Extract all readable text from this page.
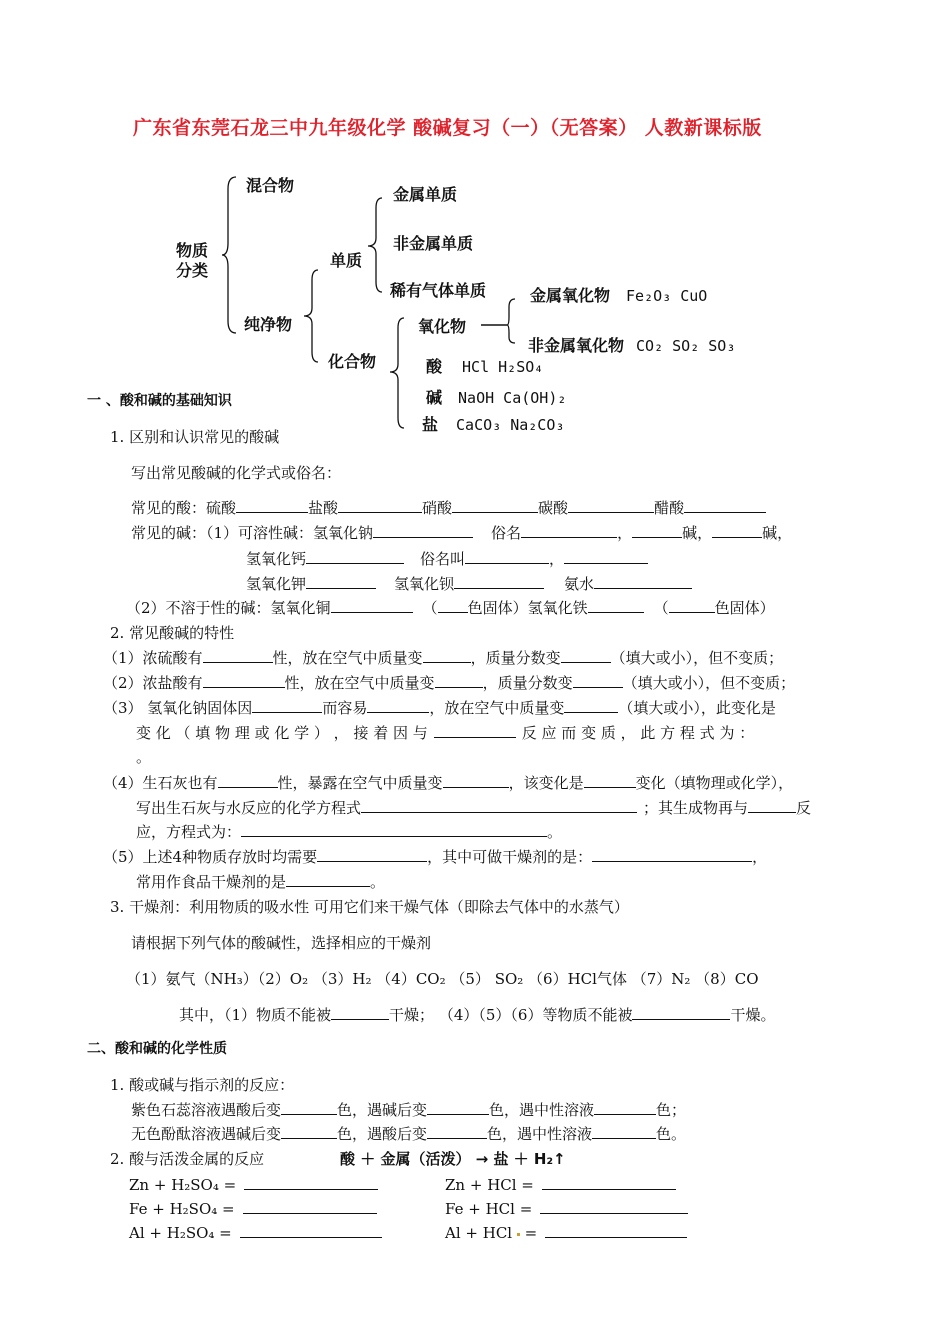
广东省东莞石龙三中九年级化学 酸碱复习（一）（无答案） 人教新课标版
物质
分类
混合物
纯净物
单质
化合物
金属单质
非金属单质
稀有气体单质
氧化物
金属氧化物 Fe₂O₃ CuO
非金属氧化物 CO₂ SO₂ SO₃
酸 HCl H₂SO₄
碱 NaOH Ca(OH)₂
盐 CaCO₃ Na₂CO₃
一 、酸和碱的基础知识
1. 区别和认识常见的酸碱
写出常见酸碱的化学式或俗名：
常见的酸：硫酸	盐酸	硝酸	碳酸	醋酸
常见的碱：（1）可溶性碱：氢氧化钠	俗名	，	碱，	碱，
氢氧化钙	俗名叫	，
氢氧化钾	氢氧化钡	氨水
（2）不溶于性的碱：氢氧化铜	（ 色固体）氢氧化铁	（	色固体）
2. 常见酸碱的特性
（1）浓硫酸有	性，放在空气中质量变	，质量分数变	（填大或小），但不变质；
（2）浓盐酸有	性，放在空气中质量变	，质量分数变	（填大或小），但不变质；
（3） 氢氧化钠固体因	而容易	，放在空气中质量变	（填大或小），此变化是
变 化 （ 填 物 理 或 化 学 ） ， 接 着 因 与	反 应 而 变 质 ， 此 方 程 式 为 ：
。
（4）生石灰也有	性，暴露在空气中质量变	，该变化是	变化（填物理或化学），
写出生石灰与水反应的化学方程式	；其生成物再与	反
应，方程式为：	。
（5）上述4种物质存放时均需要	，其中可做干燥剂的是：	，
常用作食品干燥剂的是	。
3. 干燥剂：利用物质的吸水性 可用它们来干燥气体（即除去气体中的水蒸气）
请根据下列气体的酸碱性，选择相应的干燥剂
（1）氨气（NH₃）（2）O₂ （3）H₂ （4）CO₂ （5） SO₂ （6）HCl气体 （7）N₂ （8）CO
其中，（1）物质不能被	干燥； （4）（5）（6）等物质不能被	干燥。
二、酸和碱的化学性质
1. 酸或碱与指示剂的反应：
紫色石蕊溶液遇酸后变	色，遇碱后变	色，遇中性溶液	色；
无色酚酞溶液遇碱后变	色，遇酸后变	色，遇中性溶液	色。
2. 酸与活泼金属的反应	酸 ＋ 金属（活泼） → 盐 ＋ H₂↑
Zn + H₂SO₄ =	Zn + HCl =
Fe + H₂SO₄ =	Fe + HCl =
Al + H₂SO₄ =	Al + HCl =
